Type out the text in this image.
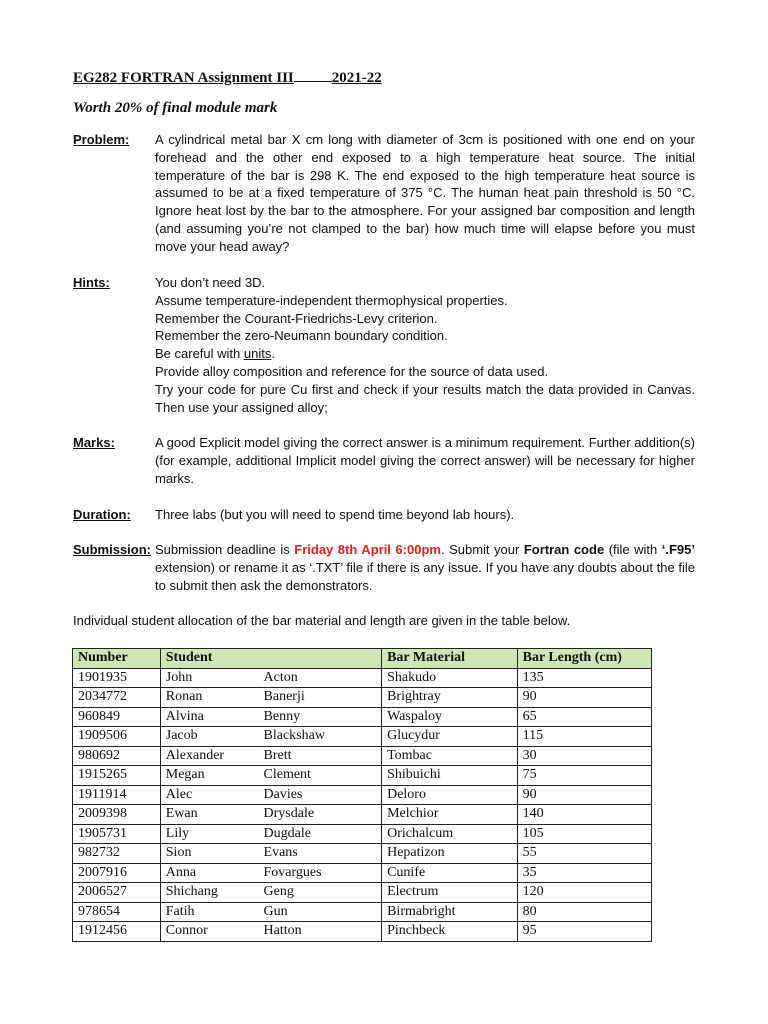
EG282 FORTRAN Assignment III	2021-22
Worth 20% of final module mark
Problem: A cylindrical metal bar X cm long with diameter of 3cm is positioned with one end on your forehead and the other end exposed to a high temperature heat source. The initial temperature of the bar is 298 K. The end exposed to the high temperature heat source is assumed to be at a fixed temperature of 375 °C. The human heat pain threshold is 50 °C. Ignore heat lost by the bar to the atmosphere. For your assigned bar composition and length (and assuming you’re not clamped to the bar) how much time will elapse before you must move your head away?
Hints:	You don’t need 3D.

Assume temperature-independent thermophysical properties.

Remember the Courant-Friedrichs-Levy criterion.

Remember the zero-Neumann boundary condition.

Be careful with units.

Provide alloy composition and reference for the source of data used.

Try your code for pure Cu first and check if your results match the data provided in Canvas. Then use your assigned alloy;

Marks:	A good Explicit model giving the correct answer is a minimum requirement. Further addition(s) (for example, additional Implicit model giving the correct answer) will be necessary for higher marks.
Duration: Three labs (but you will need to spend time beyond lab hours).
Submission: Submission deadline is Friday 8th April 6:00pm. Submit your Fortran code (file with ‘.F95’ extension) or rename it as ‘.TXT’ file if there is any issue. If you have any doubts about the file to submit then ask the demonstrators.
Individual student allocation of the bar material and length are given in the table below.
Number	Student		Bar Material	Bar Length (cm)
1901935	John	Acton	Shakudo	135
2034772	Ronan	Banerji	Brightray	90
960849	Alvina	Benny	Waspaloy	65
1909506	Jacob	Blackshaw	Glucydur	115
980692	Alexander	Brett	Tombac	30
1915265	Megan	Clement	Shibuichi	75
1911914	Alec	Davies	Deloro	90
2009398	Ewan	Drysdale	Melchior	140
1905731	Lily	Dugdale	Orichalcum	105
982732	Sion	Evans	Hepatizon	55
2007916	Anna	Fovargues	Cunife	35
2006527	Shichang	Geng	Electrum	120
978654	Fatih	Gun	Birmabright	80
1912456	Connor	Hatton	Pinchbeck	95
